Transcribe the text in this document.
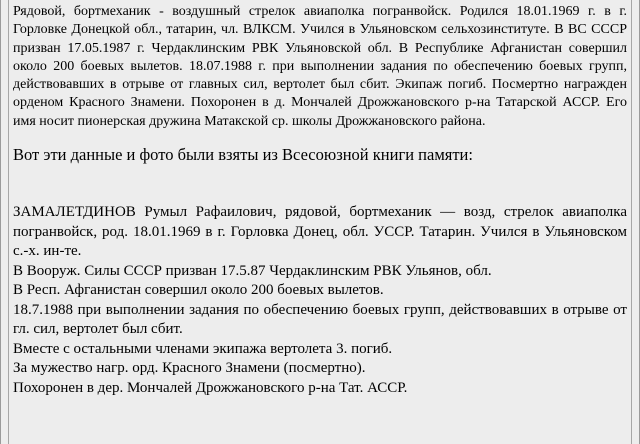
Рядовой, бортмеханик - воздушный стрелок авиаполка погранвойск. Родился 18.01.1969 г. в г. Горловке Донецкой обл., татарин, чл. ВЛКСМ. Учился в Ульяновском сельхозинституте. В ВС СССР призван 17.05.1987 г. Чердаклинским РВК Ульяновской обл. В Республике Афганистан совершил около 200 боевых вылетов. 18.07.1988 г. при выполнении задания по обеспечению боевых групп, действовавших в отрыве от главных сил, вертолет был сбит. Экипаж погиб. Посмертно награжден орденом Красного Знамени. Похоронен в д. Мончалей Дрожжановского р-на Татарской АССР. Его имя носит пионерская дружина Матакской ср. школы Дрожжановского района.

Вот эти данные и фото были взяты из Всесоюзной книги памяти:

ЗАМАЛЕТДИНОВ Румыл Рафаилович, рядовой, бортмеханик — возд, стрелок авиаполка погранвойск, род. 18.01.1969 в г. Горловка Донец, обл. УССР. Татарин. Учился в Ульяновском с.-х. ин-те.

В Вооруж. Силы СССР призван 17.5.87 Чердаклинским РВК Ульянов, обл.

В Респ. Афганистан совершил около 200 боевых вылетов.

18.7.1988 при выполнении задания по обеспечению боевых групп, действовавших в отрыве от гл. сил, вертолет был сбит.

Вместе с остальными членами экипажа вертолета 3. погиб.

За мужество нагр. орд. Красного Знамени (посмертно).

Похоронен в дер. Мончалей Дрожжановского р-на Тат. АССР.
